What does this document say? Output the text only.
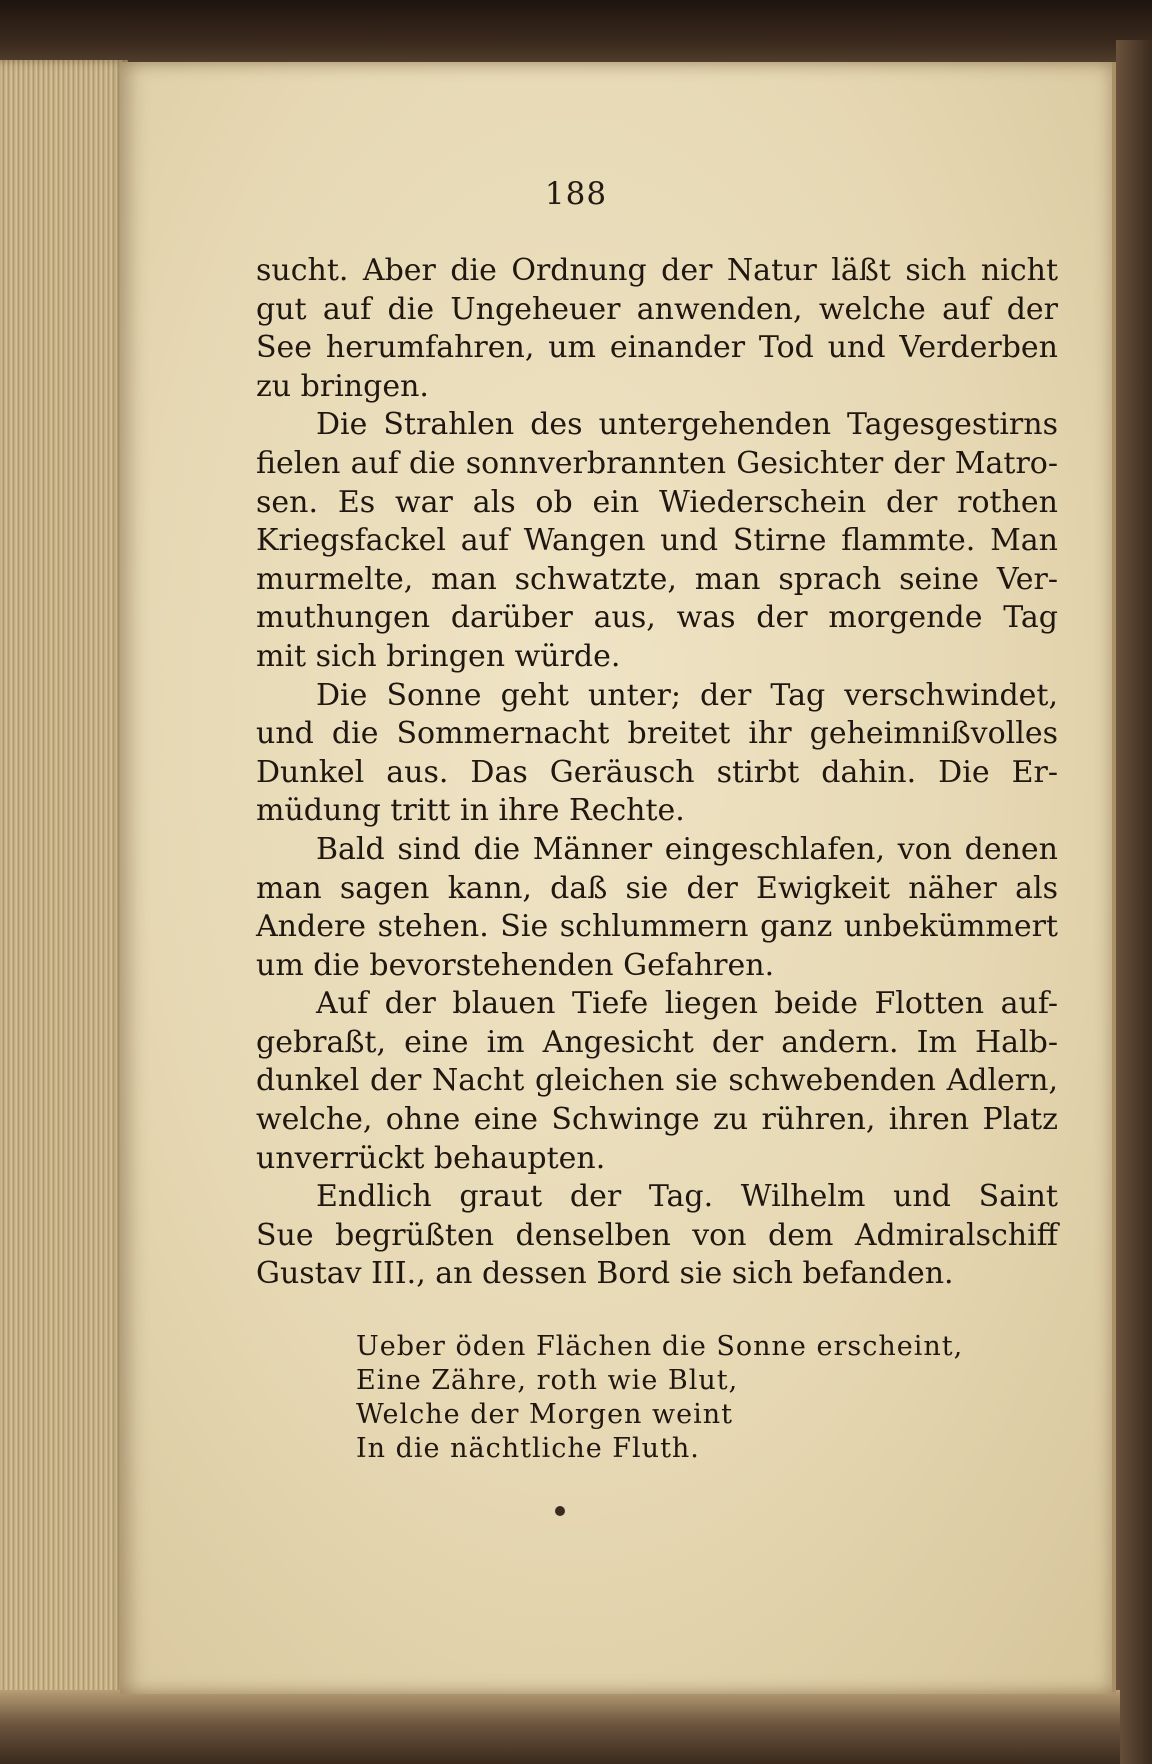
188
sucht. Aber die Ordnung der Natur läßt sich nicht
gut auf die Ungeheuer anwenden, welche auf der
See herumfahren, um einander Tod und Verderben
zu bringen.
Die Strahlen des untergehenden Tagesgestirns
fielen auf die sonnverbrannten Gesichter der Matro-
sen. Es war als ob ein Wiederschein der rothen
Kriegsfackel auf Wangen und Stirne flammte. Man
murmelte, man schwatzte, man sprach seine Ver-
muthungen darüber aus, was der morgende Tag
mit sich bringen würde.
Die Sonne geht unter; der Tag verschwindet,
und die Sommernacht breitet ihr geheimnißvolles
Dunkel aus. Das Geräusch stirbt dahin. Die Er-
müdung tritt in ihre Rechte.
Bald sind die Männer eingeschlafen, von denen
man sagen kann, daß sie der Ewigkeit näher als
Andere stehen. Sie schlummern ganz unbekümmert
um die bevorstehenden Gefahren.
Auf der blauen Tiefe liegen beide Flotten auf-
gebraßt, eine im Angesicht der andern. Im Halb-
dunkel der Nacht gleichen sie schwebenden Adlern,
welche, ohne eine Schwinge zu rühren, ihren Platz
unverrückt behaupten.
Endlich graut der Tag. Wilhelm und Saint
Sue begrüßten denselben von dem Admiralschiff
Gustav III., an dessen Bord sie sich befanden.
Ueber öden Flächen die Sonne erscheint,
Eine Zähre, roth wie Blut,
Welche der Morgen weint
In die nächtliche Fluth.
